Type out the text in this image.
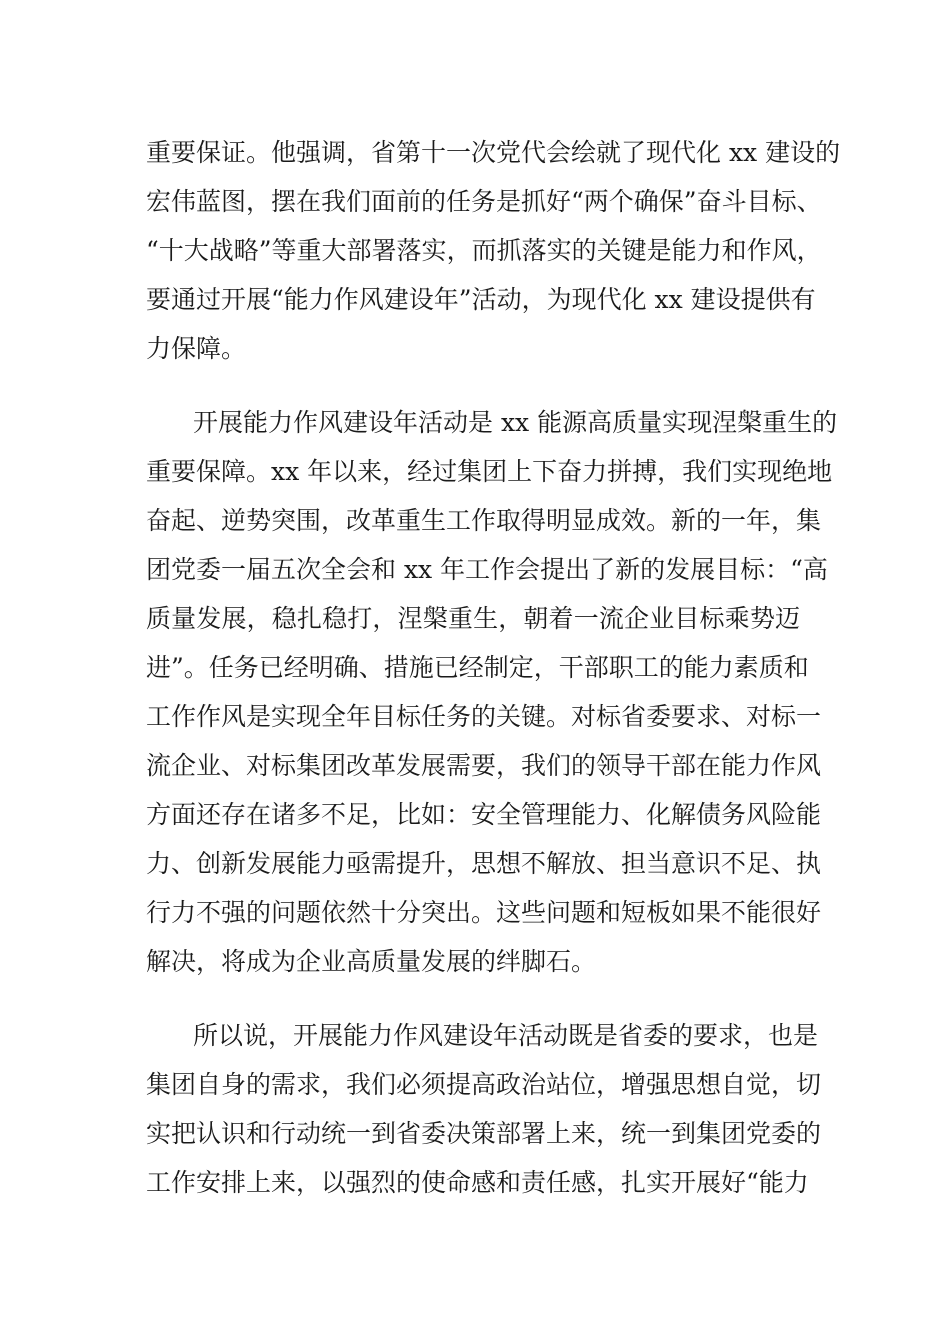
重要保证。他强调，省第十一次党代会绘就了现代化 xx 建设的
宏伟蓝图，摆在我们面前的任务是抓好“两个确保”奋斗目标、
“十大战略”等重大部署落实，而抓落实的关键是能力和作风，
要通过开展“能力作风建设年”活动，为现代化 xx 建设提供有
力保障。
开展能力作风建设年活动是 xx 能源高质量实现涅槃重生的
重要保障。xx 年以来，经过集团上下奋力拼搏，我们实现绝地
奋起、逆势突围，改革重生工作取得明显成效。新的一年，集
团党委一届五次全会和 xx 年工作会提出了新的发展目标：“高
质量发展，稳扎稳打，涅槃重生，朝着一流企业目标乘势迈
进”。任务已经明确、措施已经制定，干部职工的能力素质和
工作作风是实现全年目标任务的关键。对标省委要求、对标一
流企业、对标集团改革发展需要，我们的领导干部在能力作风
方面还存在诸多不足，比如：安全管理能力、化解债务风险能
力、创新发展能力亟需提升，思想不解放、担当意识不足、执
行力不强的问题依然十分突出。这些问题和短板如果不能很好
解决，将成为企业高质量发展的绊脚石。
所以说，开展能力作风建设年活动既是省委的要求，也是
集团自身的需求，我们必须提高政治站位，增强思想自觉，切
实把认识和行动统一到省委决策部署上来，统一到集团党委的
工作安排上来，以强烈的使命感和责任感，扎实开展好“能力
